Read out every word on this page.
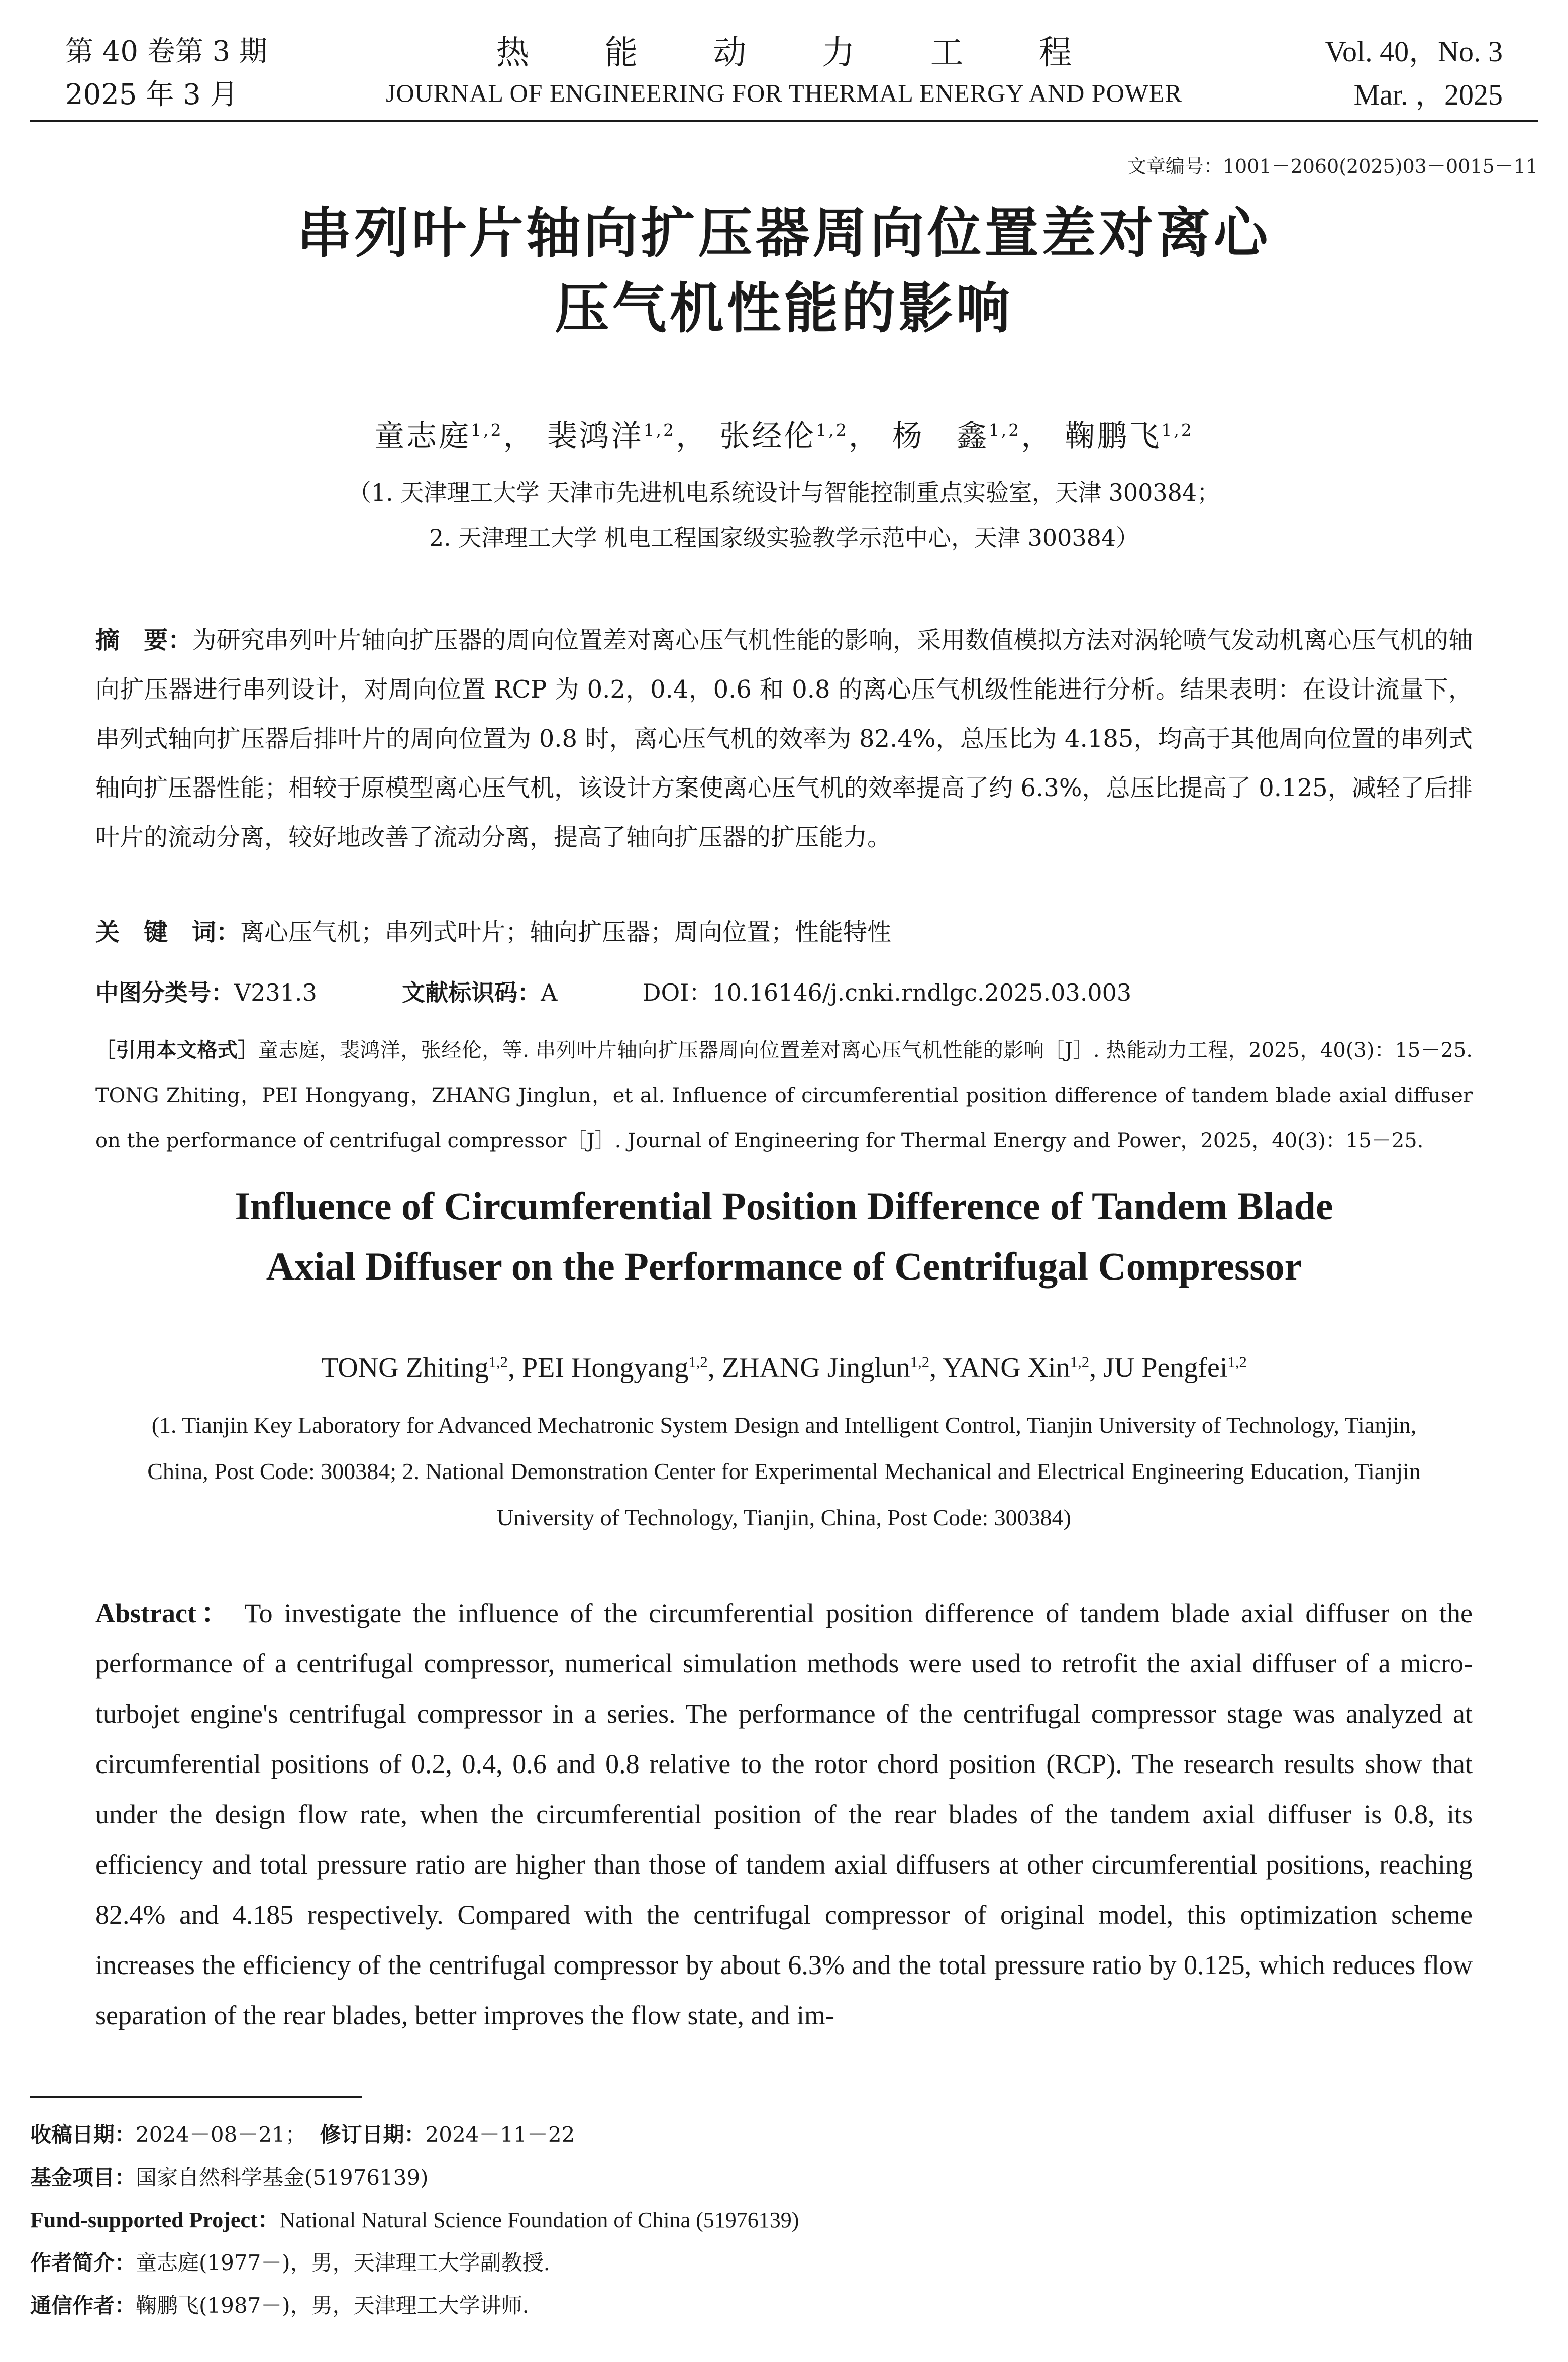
第 40 卷第 3 期
2025 年 3 月
热能动力工程
JOURNAL OF ENGINEERING FOR THERMAL ENERGY AND POWER
Vol. 40，No. 3
Mar. ，2025
文章编号：1001－2060(2025)03－0015－11
串列叶片轴向扩压器周向位置差对离心
压气机性能的影响
童志庭$^{1,2}$， 裴鸿洋$^{1,2}$， 张经伦$^{1,2}$， 杨　鑫$^{1,2}$， 鞠鹏飞$^{1,2}$
（1. 天津理工大学 天津市先进机电系统设计与智能控制重点实验室，天津 300384；
2. 天津理工大学 机电工程国家级实验教学示范中心，天津 300384）
摘　要：为研究串列叶片轴向扩压器的周向位置差对离心压气机性能的影响，采用数值模拟方法对涡轮喷气发动机离心压气机的轴向扩压器进行串列设计，对周向位置 RCP 为 0.2，0.4，0.6 和 0.8 的离心压气机级性能进行分析。结果表明：在设计流量下，串列式轴向扩压器后排叶片的周向位置为 0.8 时，离心压气机的效率为 82.4%，总压比为 4.185，均高于其他周向位置的串列式轴向扩压器性能；相较于原模型离心压气机，该设计方案使离心压气机的效率提高了约 6.3%，总压比提高了 0.125，减轻了后排叶片的流动分离，较好地改善了流动分离，提高了轴向扩压器的扩压能力。
关　键　词：离心压气机；串列式叶片；轴向扩压器；周向位置；性能特性
中图分类号：V231.3	文献标识码：A	DOI：10.16146/j.cnki.rndlgc.2025.03.003
［引用本文格式］童志庭，裴鸿洋，张经伦，等. 串列叶片轴向扩压器周向位置差对离心压气机性能的影响［J］. 热能动力工程，2025，40(3)：15－25. TONG Zhiting，PEI Hongyang，ZHANG Jinglun，et al. Influence of circumferential position difference of tandem blade axial diffuser on the performance of centrifugal compressor［J］. Journal of Engineering for Thermal Energy and Power，2025，40(3)：15－25.
Influence of Circumferential Position Difference of Tandem Blade
Axial Diffuser on the Performance of Centrifugal Compressor
TONG Zhiting$^{1,2}$, PEI Hongyang$^{1,2}$, ZHANG Jinglun$^{1,2}$, YANG Xin$^{1,2}$, JU Pengfei$^{1,2}$
(1. Tianjin Key Laboratory for Advanced Mechatronic System Design and Intelligent Control, Tianjin University of Technology, Tianjin, China, Post Code: 300384; 2. National Demonstration Center for Experimental Mechanical and Electrical Engineering Education, Tianjin University of Technology, Tianjin, China, Post Code: 300384)
Abstract： To investigate the influence of the circumferential position difference of tandem blade axial diffuser on the performance of a centrifugal compressor, numerical simulation methods were used to retrofit the axial diffuser of a micro-turbojet engine's centrifugal compressor in a series. The performance of the centrifugal compressor stage was analyzed at circumferential positions of 0.2, 0.4, 0.6 and 0.8 relative to the rotor chord position (RCP). The research results show that under the design flow rate, when the circumferential position of the rear blades of the tandem axial diffuser is 0.8, its efficiency and total pressure ratio are higher than those of tandem axial diffusers at other circumferential positions, reaching 82.4% and 4.185 respectively. Compared with the centrifugal compressor of original model, this optimization scheme increases the efficiency of the centrifugal compressor by about 6.3% and the total pressure ratio by 0.125, which reduces flow separation of the rear blades, better improves the flow state, and im-
收稿日期：2024－08－21； 修订日期：2024－11－22
基金项目：国家自然科学基金(51976139)
Fund-supported Project：National Natural Science Foundation of China (51976139)
作者简介：童志庭(1977－)，男，天津理工大学副教授.
通信作者：鞠鹏飞(1987－)，男，天津理工大学讲师.
